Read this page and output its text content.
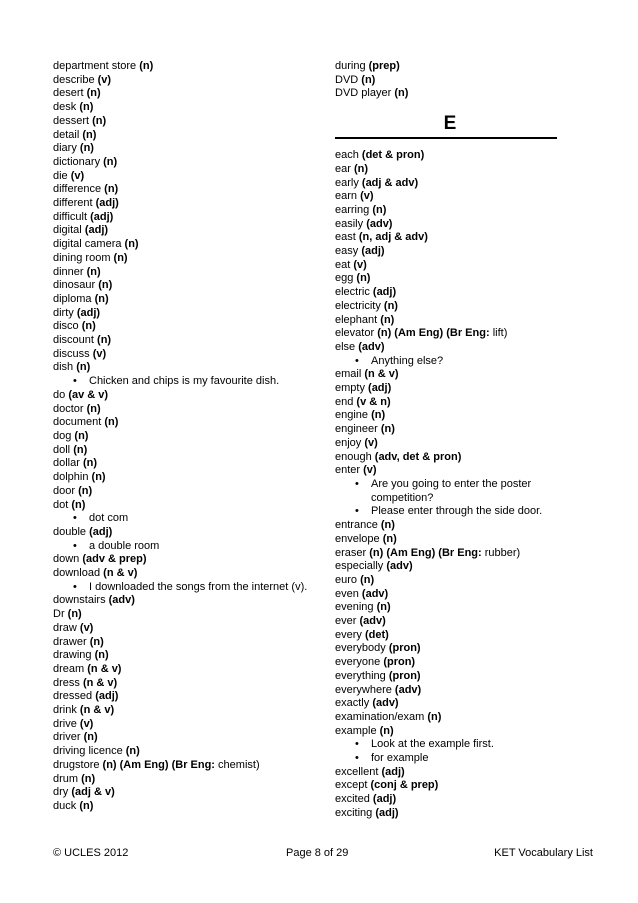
department store (n)
describe (v)
desert (n)
desk (n)
dessert (n)
detail (n)
diary (n)
dictionary (n)
die (v)
difference (n)
different (adj)
difficult (adj)
digital (adj)
digital camera (n)
dining room (n)
dinner (n)
dinosaur (n)
diploma (n)
dirty (adj)
disco (n)
discount (n)
discuss (v)
dish (n)
• Chicken and chips is my favourite dish.
do (av & v)
doctor (n)
document (n)
dog (n)
doll (n)
dollar (n)
dolphin (n)
door (n)
dot (n)
• dot com
double (adj)
• a double room
down (adv & prep)
download (n & v)
• I downloaded the songs from the internet (v).
downstairs (adv)
Dr (n)
draw (v)
drawer (n)
drawing (n)
dream (n & v)
dress (n & v)
dressed (adj)
drink (n & v)
drive (v)
driver (n)
driving licence (n)
drugstore (n) (Am Eng) (Br Eng: chemist)
drum (n)
dry (adj & v)
duck (n)
during (prep)
DVD (n)
DVD player (n)
E
each (det & pron)
ear (n)
early (adj & adv)
earn (v)
earring (n)
easily (adv)
east (n, adj & adv)
easy (adj)
eat (v)
egg (n)
electric (adj)
electricity (n)
elephant (n)
elevator (n) (Am Eng) (Br Eng: lift)
else (adv)
• Anything else?
email (n & v)
empty (adj)
end (v & n)
engine (n)
engineer (n)
enjoy (v)
enough (adv, det & pron)
enter (v)
• Are you going to enter the poster competition?
• Please enter through the side door.
entrance (n)
envelope (n)
eraser (n) (Am Eng) (Br Eng: rubber)
especially (adv)
euro (n)
even (adv)
evening (n)
ever (adv)
every (det)
everybody (pron)
everyone (pron)
everything (pron)
everywhere (adv)
exactly (adv)
examination/exam (n)
example (n)
• Look at the example first.
• for example
excellent (adj)
except (conj & prep)
excited (adj)
exciting (adj)
© UCLES 2012	Page 8 of 29	KET Vocabulary List
